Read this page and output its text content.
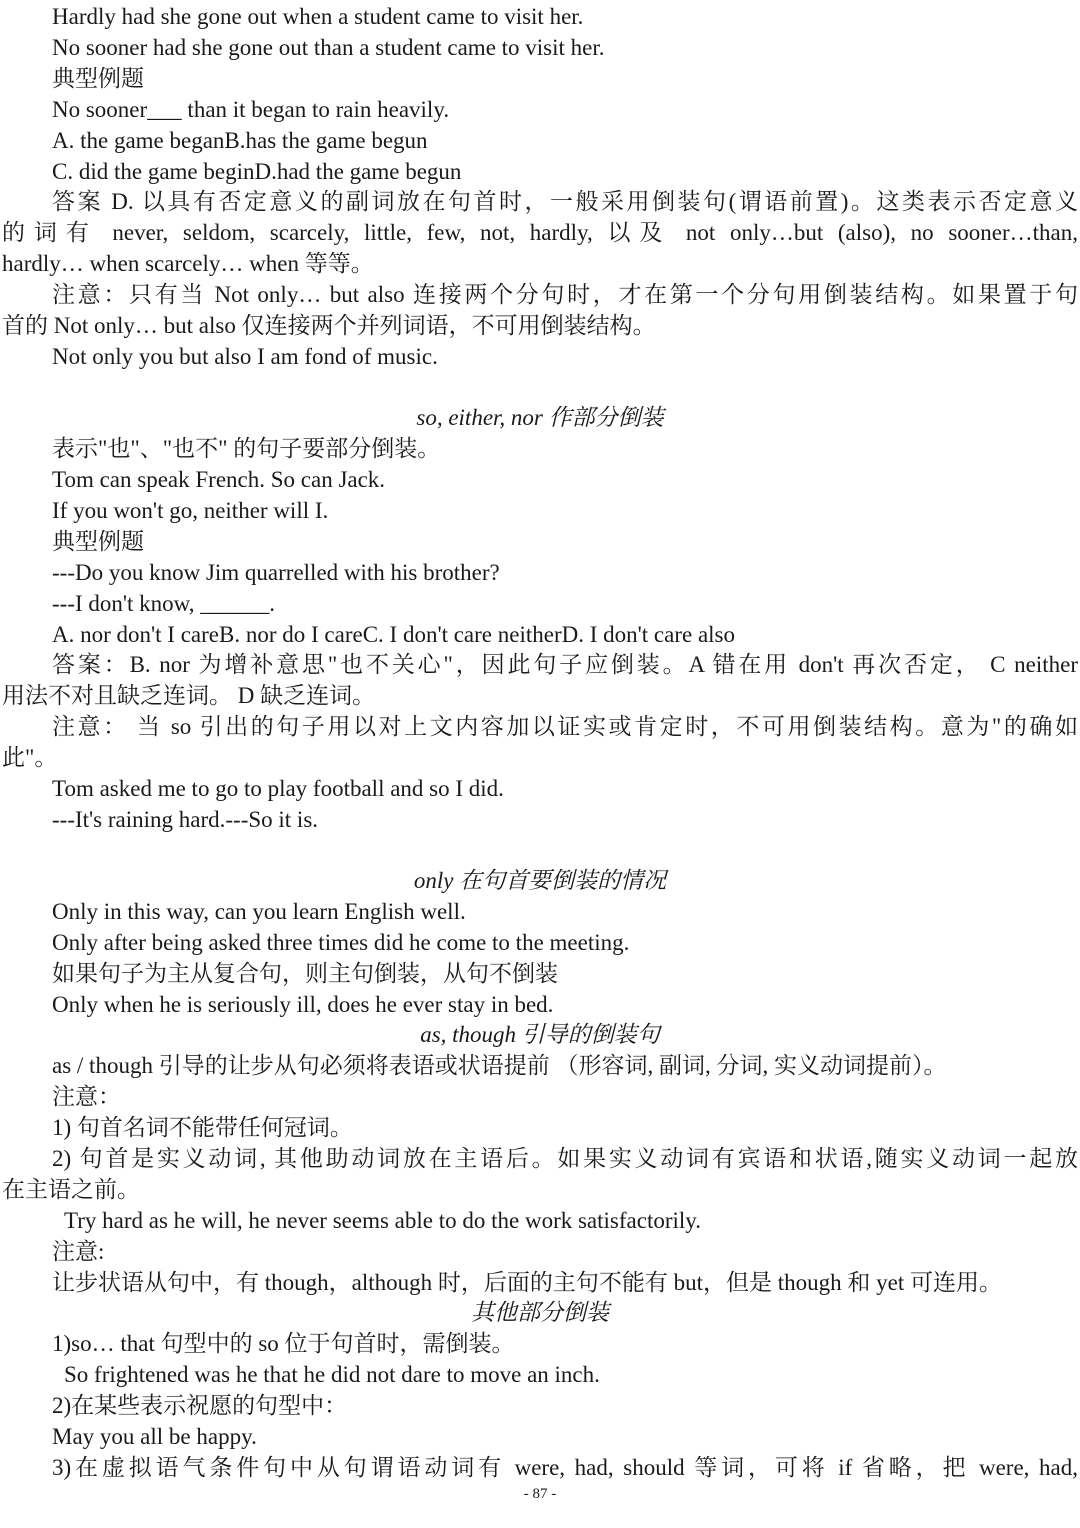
Hardly had she gone out when a student came to visit her.
No sooner had she gone out than a student came to visit her.
典型例题
No sooner___ than it began to rain heavily.
A. the game beganB.has the game begun
C. did the game beginD.had the game begun
答案 D. 以具有否定意义的副词放在句首时，一般采用倒装句(谓语前置)。这类表示否定意义
的词有 never, seldom, scarcely, little, few, not, hardly, 以及 not only…but (also), no sooner…than,
hardly… when scarcely… when 等等。
注意：只有当 Not only… but also 连接两个分句时，才在第一个分句用倒装结构。如果置于句
首的 Not only… but also 仅连接两个并列词语，不可用倒装结构。
Not only you but also I am fond of music.
so, either, nor 作部分倒装
表示"也"、"也不" 的句子要部分倒装。
Tom can speak French. So can Jack.
If you won't go, neither will I.
典型例题
---Do you know Jim quarrelled with his brother?
---I don't know, ______.
A. nor don't I careB. nor do I careC. I don't care neitherD. I don't care also
答案：B. nor 为增补意思"也不关心"，因此句子应倒装。A 错在用 don't 再次否定， C neither
用法不对且缺乏连词。 D 缺乏连词。
注意： 当 so 引出的句子用以对上文内容加以证实或肯定时，不可用倒装结构。意为"的确如
此"。
Tom asked me to go to play football and so I did.
---It's raining hard.---So it is.
only 在句首要倒装的情况
Only in this way, can you learn English well.
Only after being asked three times did he come to the meeting.
如果句子为主从复合句，则主句倒装，从句不倒装
Only when he is seriously ill, does he ever stay in bed.
as, though 引导的倒装句
as / though 引导的让步从句必须将表语或状语提前 （形容词, 副词, 分词, 实义动词提前）。
注意：
1) 句首名词不能带任何冠词。
2) 句首是实义动词, 其他助动词放在主语后。如果实义动词有宾语和状语,随实义动词一起放
在主语之前。
Try hard as he will, he never seems able to do the work satisfactorily.
注意:
让步状语从句中，有 though，although 时，后面的主句不能有 but，但是 though 和 yet 可连用。
其他部分倒装
1)so… that 句型中的 so 位于句首时，需倒装。
So frightened was he that he did not dare to move an inch.
2)在某些表示祝愿的句型中：
May you all be happy.
3)在虚拟语气条件句中从句谓语动词有 were, had, should 等词，可将 if 省略，把 were, had,
- 87 -
